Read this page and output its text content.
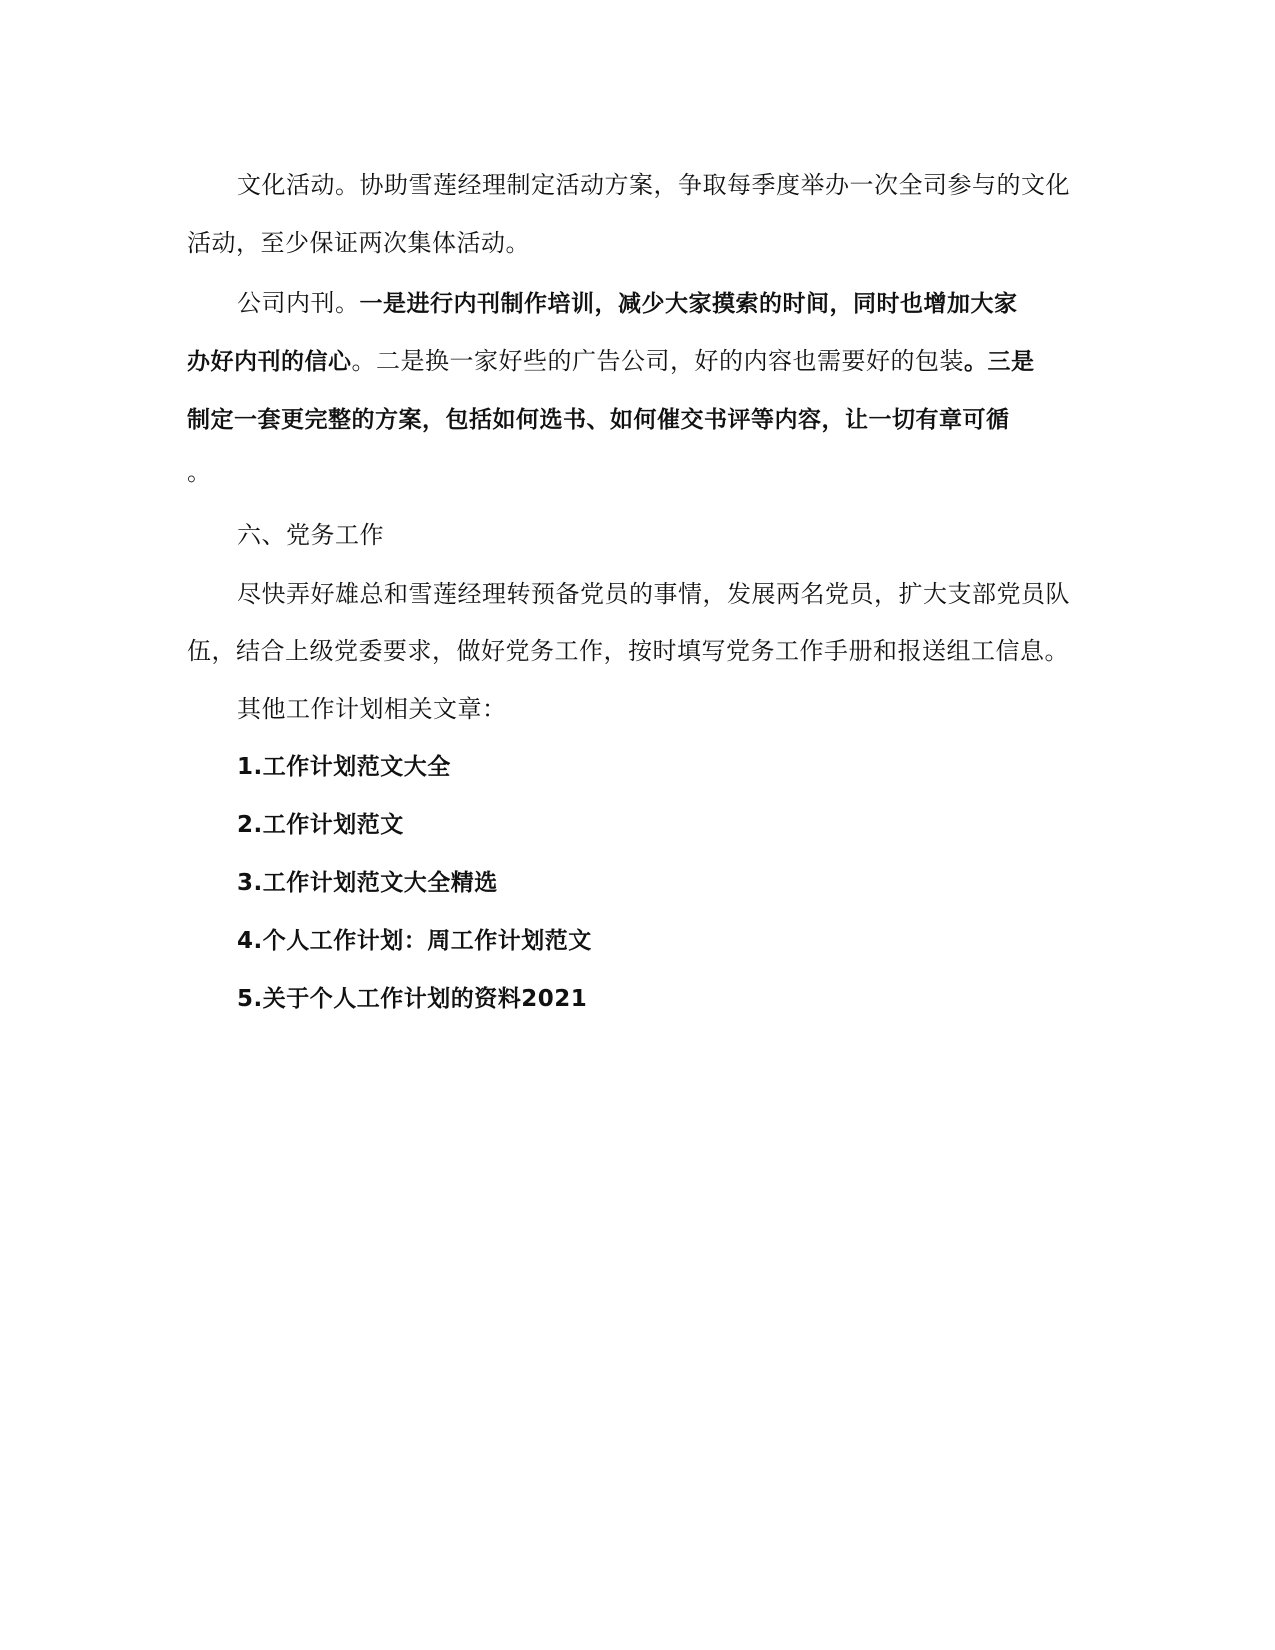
文化活动。协助雪莲经理制定活动方案，争取每季度举办一次全司参与的文化
活动，至少保证两次集体活动。
公司内刊。一是进行内刊制作培训，减少大家摸索的时间，同时也增加大家
办好内刊的信心。二是换一家好些的广告公司，好的内容也需要好的包装。三是
制定一套更完整的方案，包括如何选书、如何催交书评等内容，让一切有章可循
。
六、党务工作
尽快弄好雄总和雪莲经理转预备党员的事情，发展两名党员，扩大支部党员队
伍，结合上级党委要求，做好党务工作，按时填写党务工作手册和报送组工信息。
其他工作计划相关文章：
1.工作计划范文大全
2.工作计划范文
3.工作计划范文大全精选
4.个人工作计划：周工作计划范文
5.关于个人工作计划的资料2021
